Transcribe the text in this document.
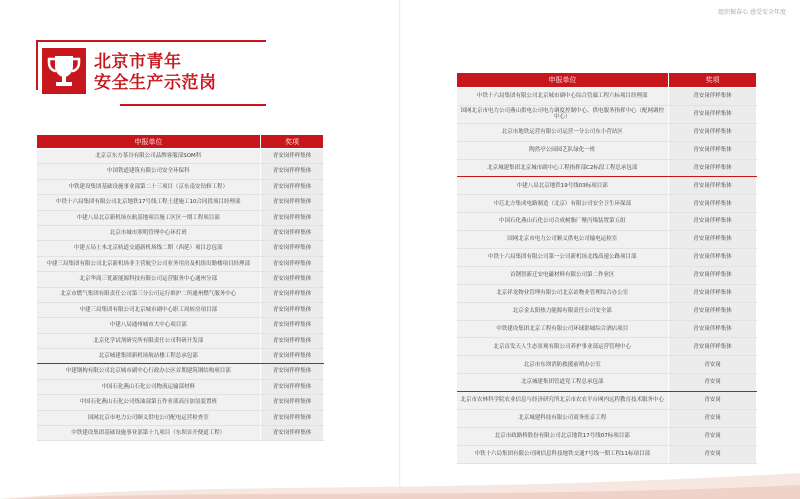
组织振奋心 感受安全年度
北京市青年
安全生产示范岗
申报单位	奖项
北京京东方茶谷有限公司品牌客服部SOM科	青安岗伴样集体
中国铁道建筑有限公司安全环保科	青安岗伴样集体
中铁建设集团基础设施事业部第二十三项目（京东南安钻修工程）	青安岗伴样集体
中铁十六局集团有限公司北京地铁17号线工程土建施工10合同段项目经理部	青安岗伴样集体
中建八局北京新机场东航基地项目施工区区一期工程项目部	青安岗伴样集体
北京市城市照明管理中心环灯班	青安岗伴样集体
中建五局土木北京轨道交通新机场线二期（西延）项目总包部	青安岗伴样集体
中建三局集团有限公司北京新机场非主营航空公司业务用房及机组出勤楼项目经理部	青安岗伴样集体
北京华商三优新能源科技有限公司运营服务中心通州分部	青安岗伴样集体
北京市燃气集团有限责任公司第三分公司运行维护二所通州燃气服务中心	青安岗伴样集体
中建三局集团有限公司北京城市副中心职工周转房项目部	青安岗伴样集体
中建八局通州城市大中心项目部	青安岗伴样集体
北京化学试剂研究所有限责任公司科研开发部	青安岗伴样集体
北京城建集团新机场航站楼工程总承包部	青安岗伴样集体
中建钢构有限公司北京城市副中心行政办公区首期建筑钢结构项目部	青安岗伴样集体
中国石化燕山石化公司物流运输部材料	青安岗伴样集体
中国石化燕山石化公司炼油部第五作业部高压加氢装置班	青安岗伴样集体
国网北京市电力公司顺义供电公司配电运营检查室	青安岗伴样集体
中铁建设集团基础设施事业部第十九项目（东坝首开便道工程）	青安岗伴样集体
申报单位	奖项
中铁十六局集团有限公司北京城市副中心综合管廊工程六标项目经理部	青安岗伴样集体
国网北京市电力公司燕山供电公司电力调度控制中心、供电服务指挥中心（配网调控中心）	青安岗伴样集体
北京市地铁运营有限公司运营一分公司东小营站区	青安岗伴样集体
陶然亭公园园艺队绿化一班	青安岗伴样集体
北京城建集团北京城市副中心工程指挥部C2标段工程总承包部	青安岗伴样集体
中建八局北京地铁19号线03标项目部	青安岗伴样集体
中芯北方集成电路制造（北京）有限公司安全卫生环保部	青安岗伴样集体
中国石化燕山石化公司合成树脂厂聚丙烯装置第五组	青安岗伴样集体
国网北京市电力公司顺义供电公司输电运检室	青安岗伴样集体
中铁十六局集团有限公司第一公司新机场北线高速公路项目部	青安岗伴样集体
首钢智新迁安电磁材料有限公司第二作业区	青安岗伴样集体
北京祥龙物业管理有限公司北京站物业管理综合办公室	青安岗伴样集体
北京金太阳热力能源有限责任公司安全部	青安岗伴样集体
中铁建设集团北京工程有限公司环球影城综合酒店项目	青安岗伴样集体
北京首发天人生态景观有限公司养护事业部运营管理中心	青安岗伴样集体
北京市东坝消防救援前哨办公室	青安岗
北京城建集团管道党工程总承包部	青安岗
北京市农林科学院农业信息与经济研究所北京市农农平台网内远程教育技术服务中心	青安岗
北京城建科技有限公司商务驻京工程	青安岗
北京市政路桥股份有限公司北京地铁17号线07标项目部	青安岗
中铁十六局集团有限公司网信息科技地铁交通7号线一期工程11标项目部	青安岗
